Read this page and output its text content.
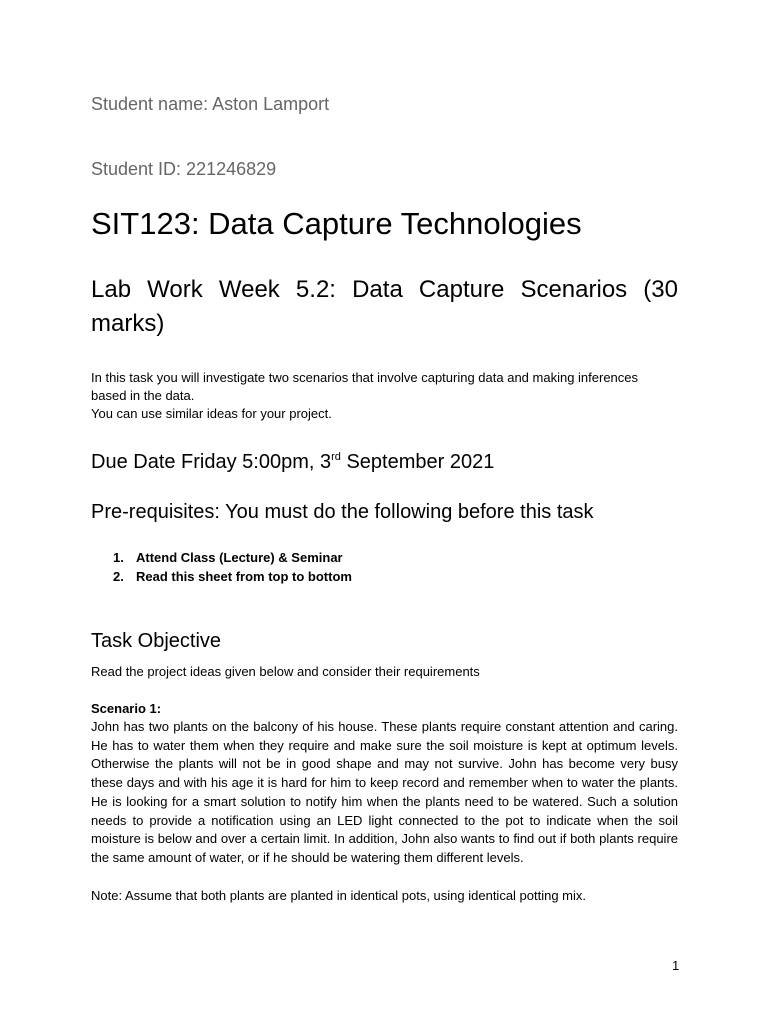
Student name: Aston Lamport

Student ID: 221246829

SIT123: Data Capture Technologies
Lab Work Week 5.2: Data Capture Scenarios (30
marks)
In this task you will investigate two scenarios that involve capturing data and making inferences
based in the data.
You can use similar ideas for your project.
Due Date Friday 5:00pm, 3rd September 2021
Pre-requisites: You must do the following before this task
1. Attend Class (Lecture) & Seminar
2. Read this sheet from top to bottom
Task Objective
Read the project ideas given below and consider their requirements
Scenario 1:
John has two plants on the balcony of his house. These plants require constant attention and caring. He has to water them when they require and make sure the soil moisture is kept at optimum levels. Otherwise the plants will not be in good shape and may not survive. John has become very busy these days and with his age it is hard for him to keep record and remember when to water the plants. He is looking for a smart solution to notify him when the plants need to be watered. Such a solution needs to provide a notification using an LED light connected to the pot to indicate when the soil moisture is below and over a certain limit. In addition, John also wants to find out if both plants require the same amount of water, or if he should be watering them different levels.
Note: Assume that both plants are planted in identical pots, using identical potting mix.
1
